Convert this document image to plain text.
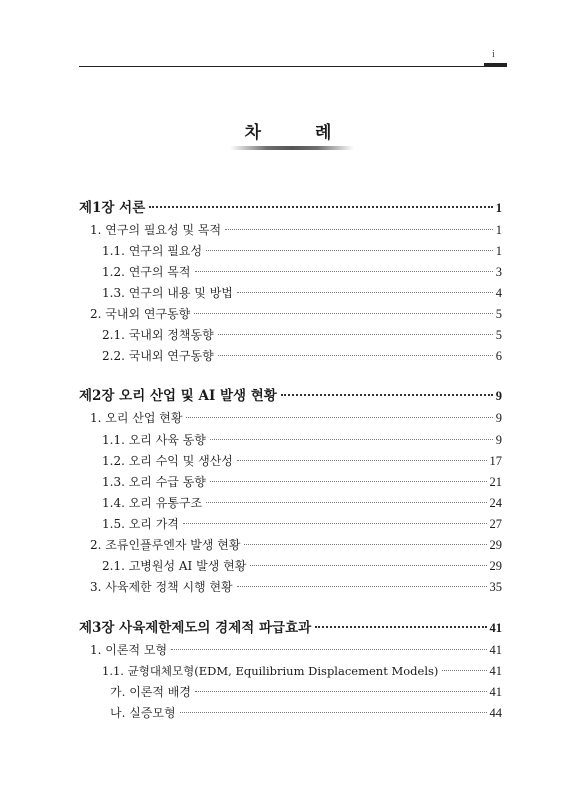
i
차 례
제1장 서론	1
1. 연구의 필요성 및 목적	1
1.1. 연구의 필요성	1
1.2. 연구의 목적	3
1.3. 연구의 내용 및 방법	4
2. 국내외 연구동향	5
2.1. 국내외 정책동향	5
2.2. 국내외 연구동향	6
제2장 오리 산업 및 AI 발생 현황	9
1. 오리 산업 현황	9
1.1. 오리 사육 동향	9
1.2. 오리 수익 및 생산성	17
1.3. 오리 수급 동향	21
1.4. 오리 유통구조	24
1.5. 오리 가격	27
2. 조류인플루엔자 발생 현황	29
2.1. 고병원성 AI 발생 현황	29
3. 사육제한 정책 시행 현황	35
제3장 사육제한제도의 경제적 파급효과	41
1. 이론적 모형	41
1.1. 균형대체모형(EDM, Equilibrium Displacement Models)	41
가. 이론적 배경	41
나. 실증모형	44
